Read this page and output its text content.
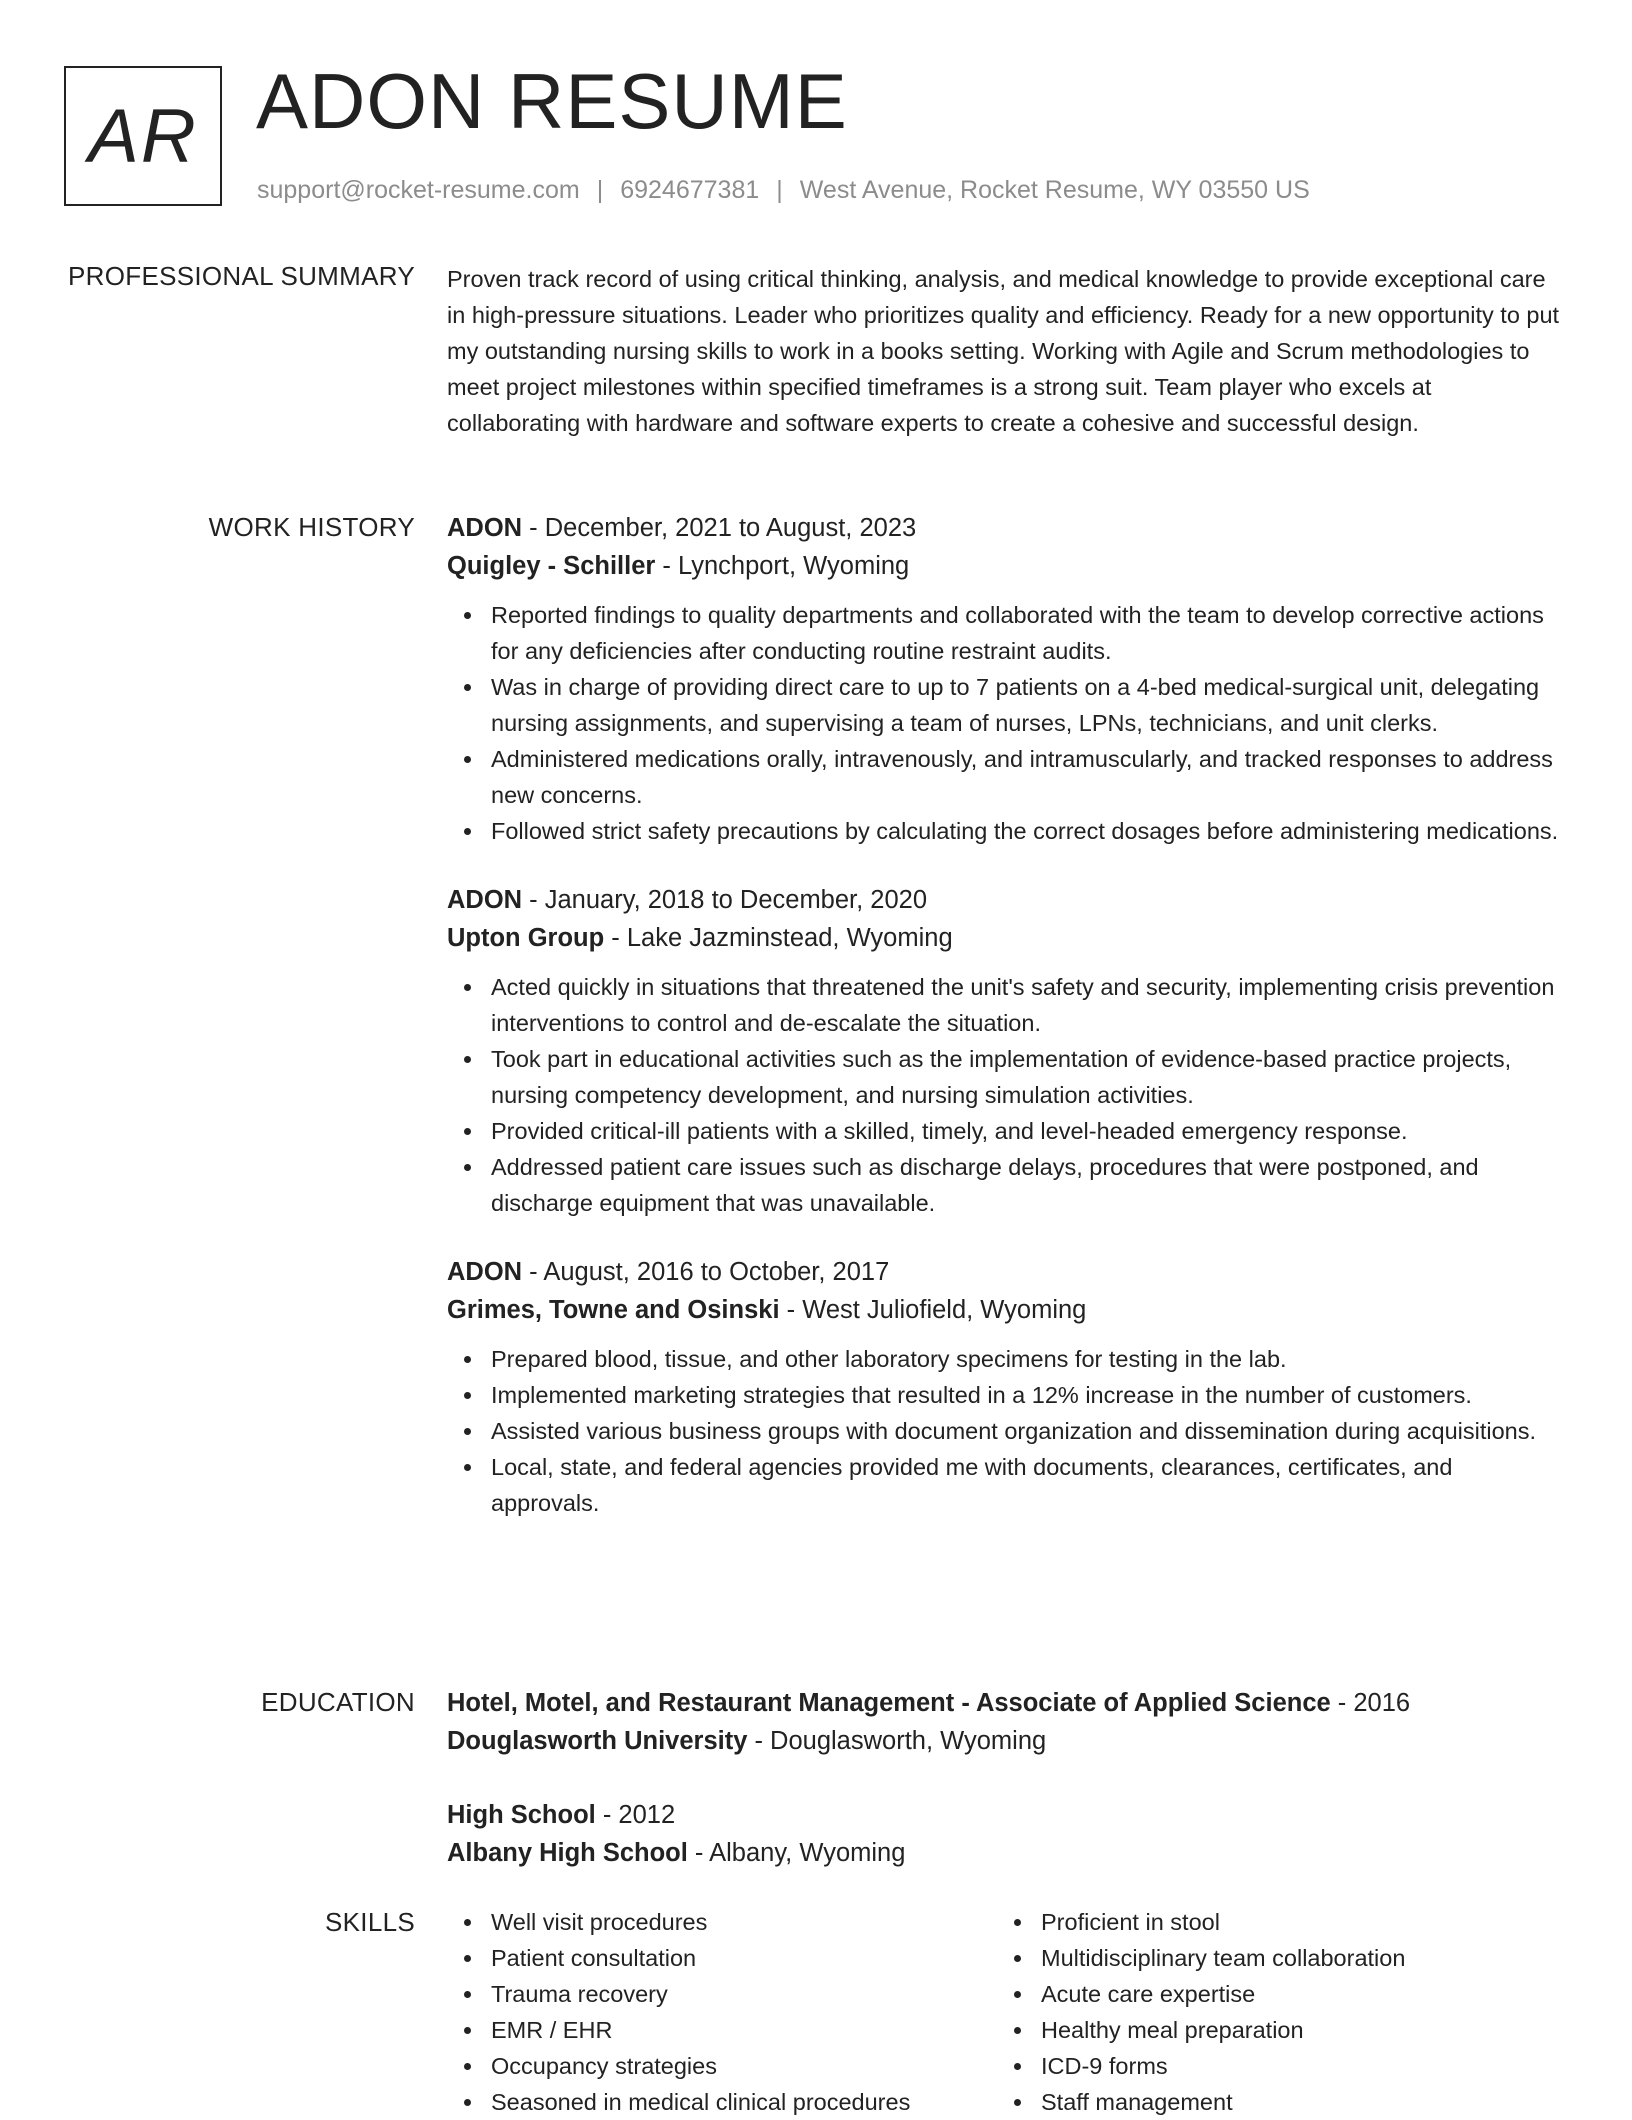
AR ADON RESUME
support@rocket-resume.com | 6924677381 | West Avenue, Rocket Resume, WY 03550 US
PROFESSIONAL SUMMARY Proven track record of using critical thinking, analysis, and medical knowledge to provide exceptional care in high-pressure situations. Leader who prioritizes quality and efficiency. Ready for a new opportunity to put my outstanding nursing skills to work in a books setting. Working with Agile and Scrum methodologies to meet project milestones within specified timeframes is a strong suit. Team player who excels at collaborating with hardware and software experts to create a cohesive and successful design.

WORK HISTORY ADON - December, 2021 to August, 2023
Quigley - Schiller - Lynchport, Wyoming
Reported findings to quality departments and collaborated with the team to develop corrective actions for any deficiencies after conducting routine restraint audits.
Was in charge of providing direct care to up to 7 patients on a 4-bed medical-surgical unit, delegating nursing assignments, and supervising a team of nurses, LPNs, technicians, and unit clerks.
Administered medications orally, intravenously, and intramuscularly, and tracked responses to address new concerns.
Followed strict safety precautions by calculating the correct dosages before administering medications.
ADON - January, 2018 to December, 2020
Upton Group - Lake Jazminstead, Wyoming
Acted quickly in situations that threatened the unit's safety and security, implementing crisis prevention interventions to control and de-escalate the situation.
Took part in educational activities such as the implementation of evidence-based practice projects, nursing competency development, and nursing simulation activities.
Provided critical-ill patients with a skilled, timely, and level-headed emergency response.
Addressed patient care issues such as discharge delays, procedures that were postponed, and discharge equipment that was unavailable.
ADON - August, 2016 to October, 2017
Grimes, Towne and Osinski - West Juliofield, Wyoming
Prepared blood, tissue, and other laboratory specimens for testing in the lab.
Implemented marketing strategies that resulted in a 12% increase in the number of customers.
Assisted various business groups with document organization and dissemination during acquisitions.
Local, state, and federal agencies provided me with documents, clearances, certificates, and approvals.
EDUCATION Hotel, Motel, and Restaurant Management - Associate of Applied Science - 2016
Douglasworth University - Douglasworth, Wyoming
High School - 2012
Albany High School - Albany, Wyoming
SKILLS	Well visit procedures
Patient consultation
Trauma recovery
EMR / EHR
Occupancy strategies
Seasoned in medical clinical procedures
Proficient in stool
Multidisciplinary team collaboration
Acute care expertise
Healthy meal preparation
ICD-9 forms
Staff management
